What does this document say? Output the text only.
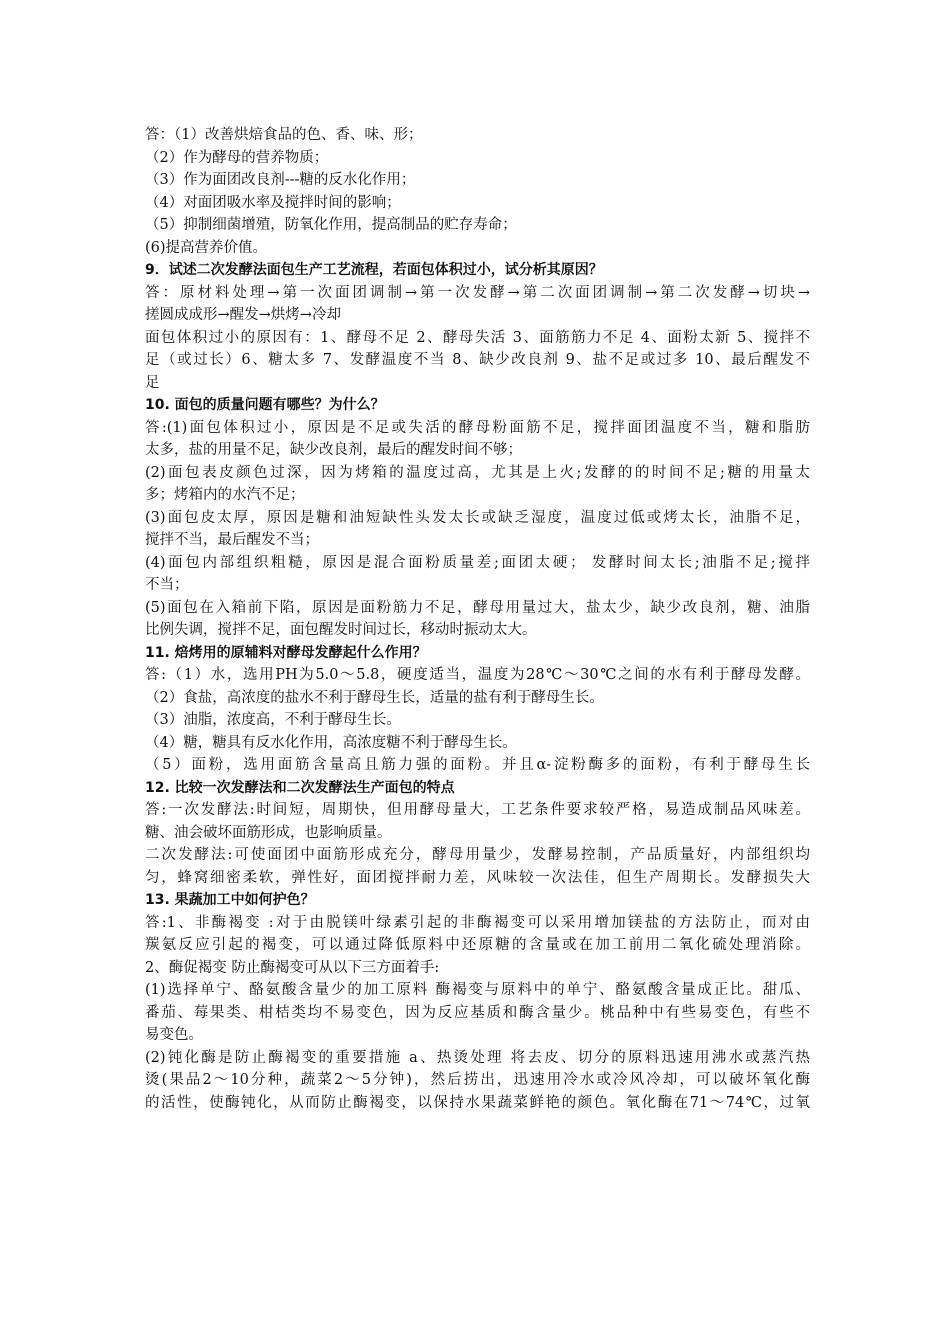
答：（1）改善烘焙食品的色、香、味、形；
（2）作为酵母的营养物质；
（3）作为面团改良剂---糖的反水化作用；
（4）对面团吸水率及搅拌时间的影响；
（5）抑制细菌增殖，防氧化作用，提高制品的贮存寿命；
(6)提高营养价值。
9．试述二次发酵法面包生产工艺流程，若面包体积过小，试分析其原因？
答：原材料处理→第一次面团调制→第一次发酵→第二次面团调制→第二次发酵→切块→
搓圆成成形→醒发→烘烤→冷却
面包体积过小的原因有：1、酵母不足 2、酵母失活 3、面筋筋力不足 4、面粉太新 5、搅拌不
足（或过长）6、糖太多 7、发酵温度不当 8、缺少改良剂 9、盐不足或过多 10、最后醒发不
足
10. 面包的质量问题有哪些？为什么？
答:(1)面包体积过小，原因是不足或失活的酵母粉面筋不足，搅拌面团温度不当，糖和脂肪
太多，盐的用量不足，缺少改良剂，最后的醒发时间不够；
(2)面包表皮颜色过深，因为烤箱的温度过高，尤其是上火;发酵的的时间不足;糖的用量太
多；烤箱内的水汽不足；
(3)面包皮太厚，原因是糖和油短缺性头发太长或缺乏湿度，温度过低或烤太长，油脂不足，
搅拌不当，最后醒发不当；
(4)面包内部组织粗糙，原因是混合面粉质量差;面团太硬； 发酵时间太长;油脂不足;搅拌
不当；
(5)面包在入箱前下陷，原因是面粉筋力不足，酵母用量过大，盐太少，缺少改良剂，糖、油脂
比例失调，搅拌不足，面包醒发时间过长，移动时振动太大。
11. 焙烤用的原辅料对酵母发酵起什么作用？
答:（1）水，选用PH为5.0～5.8，硬度适当，温度为28℃～30℃之间的水有利于酵母发酵。
（2）食盐，高浓度的盐水不利于酵母生长，适量的盐有利于酵母生长。
（3）油脂，浓度高，不利于酵母生长。
（4）糖，糖具有反水化作用，高浓度糖不利于酵母生长。
（5）面粉，选用面筋含量高且筋力强的面粉。并且α-淀粉酶多的面粉，有利于酵母生长
12. 比较一次发酵法和二次发酵法生产面包的特点
答:一次发酵法:时间短，周期快，但用酵母量大，工艺条件要求较严格，易造成制品风味差。
糖、油会破坏面筋形成，也影响质量。
二次发酵法:可使面团中面筋形成充分，酵母用量少，发酵易控制，产品质量好，内部组织均
匀，蜂窝细密柔软，弹性好，面团搅拌耐力差，风味较一次法佳，但生产周期长。发酵损失大
13. 果蔬加工中如何护色？
答:1、非酶褐变 :对于由脱镁叶绿素引起的非酶褐变可以采用增加镁盐的方法防止，而对由
羰氨反应引起的褐变，可以通过降低原料中还原糖的含量或在加工前用二氧化硫处理消除。
2、酶促褐变 防止酶褐变可从以下三方面着手:
(1)选择单宁、酪氨酸含量少的加工原料 酶褐变与原料中的单宁、酪氨酸含量成正比。甜瓜、
番茄、莓果类、柑桔类均不易变色，因为反应基质和酶含量少。桃品种中有些易变色，有些不
易变色。
(2)钝化酶是防止酶褐变的重要措施 a、热烫处理 将去皮、切分的原料迅速用沸水或蒸汽热
烫(果品2～10分种，蔬菜2～5分钟)，然后捞出，迅速用冷水或冷风冷却，可以破坏氧化酶
的活性，使酶钝化，从而防止酶褐变，以保持水果蔬菜鲜艳的颜色。氧化酶在71～74℃，过氧
